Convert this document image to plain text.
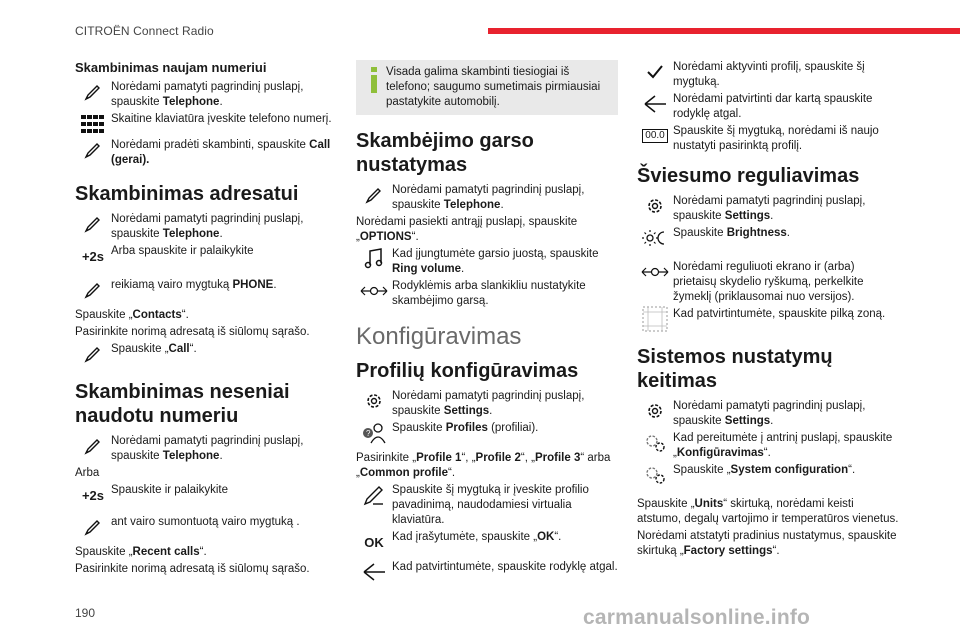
CITROËN Connect Radio
Skambinimas naujam numeriui
Norėdami pamatyti pagrindinį puslapį, spauskite Telephone.
Skaitine klaviatūra įveskite telefono numerį.
Norėdami pradėti skambinti, spauskite Call (gerai).
Skambinimas adresatui
Norėdami pamatyti pagrindinį puslapį, spauskite Telephone.
+2s Arba spauskite ir palaikykite
reikiamą vairo mygtuką PHONE.
Spauskite „Contacts“.
Pasirinkite norimą adresatą iš siūlomų sąrašo.
Spauskite „Call“.
Skambinimas neseniai naudotu numeriu
Norėdami pamatyti pagrindinį puslapį, spauskite Telephone.
Arba
+2s Spauskite ir palaikykite
ant vairo sumontuotą vairo mygtuką .
Spauskite „Recent calls“.
Pasirinkite norimą adresatą iš siūlomų sąrašo.
Visada galima skambinti tiesiogiai iš telefono; saugumo sumetimais pirmiausiai pastatykite automobilį.
Skambėjimo garso nustatymas
Norėdami pamatyti pagrindinį puslapį, spauskite Telephone.
Norėdami pasiekti antrąjį puslapį, spauskite „OPTIONS“.
Kad įjungtumėte garsio juostą, spauskite Ring volume.
Rodyklėmis arba slankikliu nustatykite skambėjimo garsą.
Konfigūravimas
Profilių konfigūravimas
Norėdami pamatyti pagrindinį puslapį, spauskite Settings.
? Spauskite Profiles (profiliai).
Pasirinkite „Profile 1“, „Profile 2“, „Profile 3“ arba „Common profile“.
Spauskite šį mygtuką ir įveskite profilio pavadinimą, naudodamiesi virtualia klaviatūra.
OK Kad įrašytumėte, spauskite „OK“.
Kad patvirtintumėte, spauskite rodyklę atgal.
Norėdami aktyvinti profilį, spauskite šį mygtuką.
Norėdami patvirtinti dar kartą spauskite rodyklę atgal.
00.0 Spauskite šį mygtuką, norėdami iš naujo nustatyti pasirinktą profilį.
Šviesumo reguliavimas
Norėdami pamatyti pagrindinį puslapį, spauskite Settings.
Spauskite Brightness.
Norėdami reguliuoti ekrano ir (arba) prietaisų skydelio ryškumą, perkelkite žymeklį (priklausomai nuo versijos).
Kad patvirtintumėte, spauskite pilką zoną.
Sistemos nustatymų keitimas
Norėdami pamatyti pagrindinį puslapį, spauskite Settings.
Kad pereitumėte į antrinį puslapį, spauskite „Konfigūravimas“.
Spauskite „System configuration“.
Spauskite „Units“ skirtuką, norėdami keisti atstumo, degalų vartojimo ir temperatūros vienetus.
Norėdami atstatyti pradinius nustatymus, spauskite skirtuką „Factory settings“.
190	carmanualsonline.info
